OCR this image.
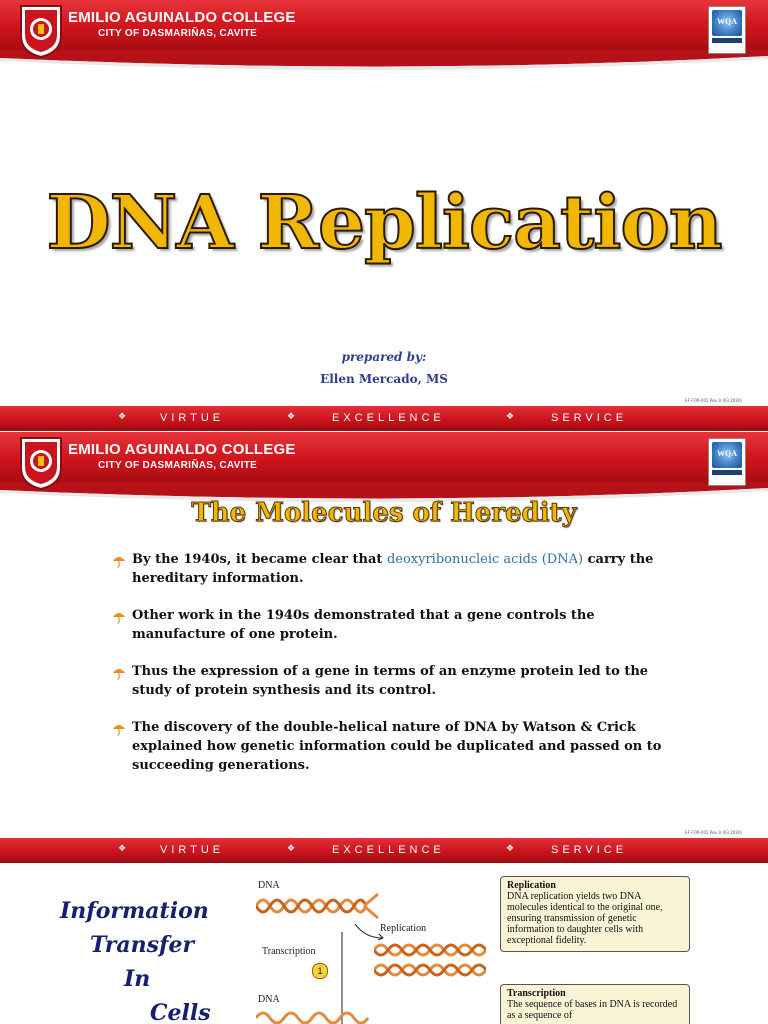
EMILIO AGUINALDO COLLEGE
CITY OF DASMARIÑAS, CAVITE
WQA
DNA Replication
prepared by:
Ellen Mercado, MS
EF-FOR-001 Rev 0 (03.2020)
❖	VIRTUE	❖	EXCELLENCE	❖	SERVICE
EMILIO AGUINALDO COLLEGE
CITY OF DASMARIÑAS, CAVITE
WQA
The Molecules of Heredity
By the 1940s, it became clear that deoxyribonucleic acids (DNA) carry the hereditary information.
Other work in the 1940s demonstrated that a gene controls the manufacture of one protein.
Thus the expression of a gene in terms of an enzyme protein led to the study of protein synthesis and its control.
The discovery of the double-helical nature of DNA by Watson & Crick explained how genetic information could be duplicated and passed on to succeeding generations.
EF-FOR-001 Rev 0 (03.2020)
❖	VIRTUE	❖	EXCELLENCE	❖	SERVICE
Information
Transfer
In
Cells
DNA
Replication
Transcription
1
DNA
Replication
DNA replication yields two DNA molecules identical to the original one, ensuring transmission of genetic information to daughter cells with exceptional fidelity.
Transcription
The sequence of bases in DNA is recorded as a sequence of
